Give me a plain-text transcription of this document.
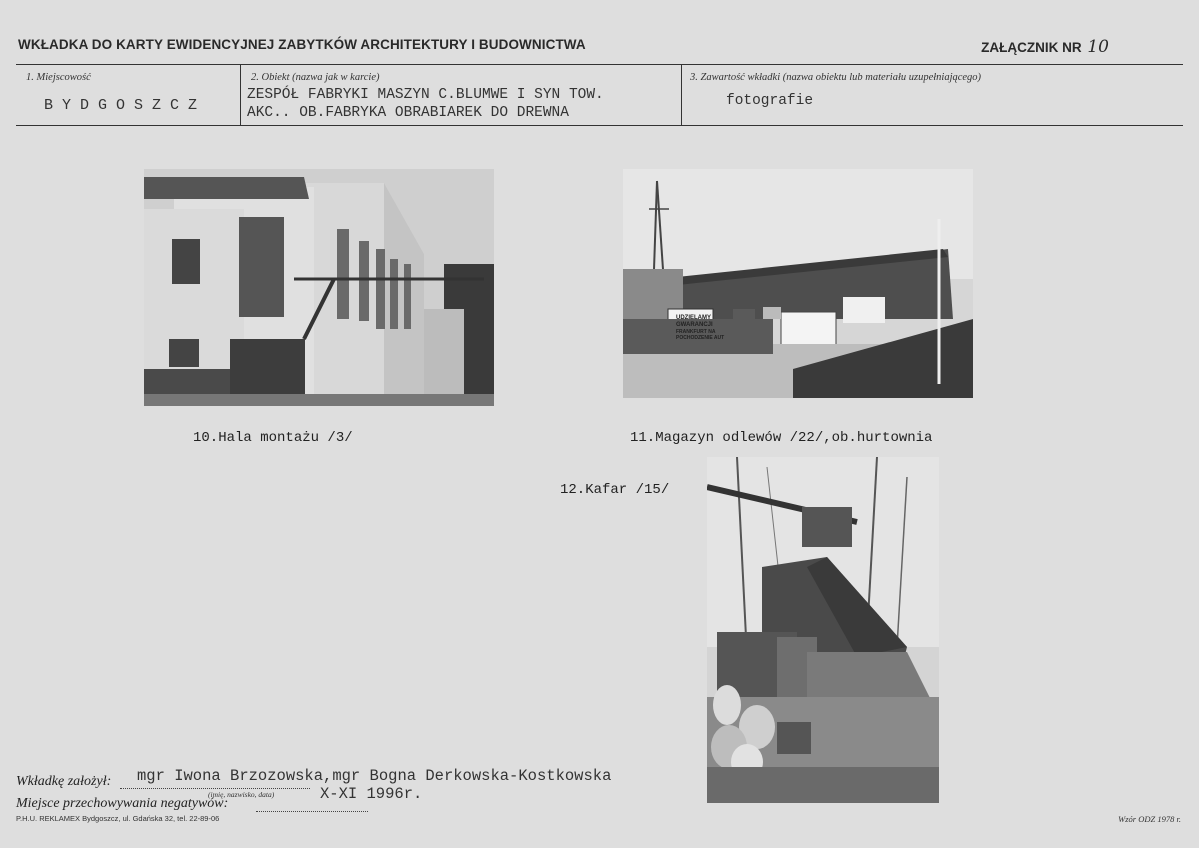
WKŁADKA DO KARTY EWIDENCYJNEJ ZABYTKÓW ARCHITEKTURY I BUDOWNICTWA	ZAŁĄCZNIK NR 10
1. Miejscowość
B Y D G O S Z C Z
2. Obiekt (nazwa jak w karcie)
ZESPÓŁ FABRYKI MASZYN C.BLUMWE I SYN TOW.
AKC.. OB.FABRYKA OBRABIAREK DO DREWNA
3. Zawartość wkładki (nazwa obiektu lub materiału uzupełniającego)
fotografie
UDZIELAMY
GWARANCJI
FRANKFURT NA
POCHODZENIE AUT
10.Hala montażu /3/	11.Magazyn odlewów /22/,ob.hurtownia
12.Kafar /15/
Wkładkę założył: mgr Iwona Brzozowska,mgr Bogna Derkowska-Kostkowska
(imię, nazwisko, data)	X-XI 1996r.
Miejsce przechowywania negatywów:
P.H.U. REKLAMEX Bydgoszcz, ul. Gdańska 32, tel. 22-89-06	Wzór ODZ 1978 r.
